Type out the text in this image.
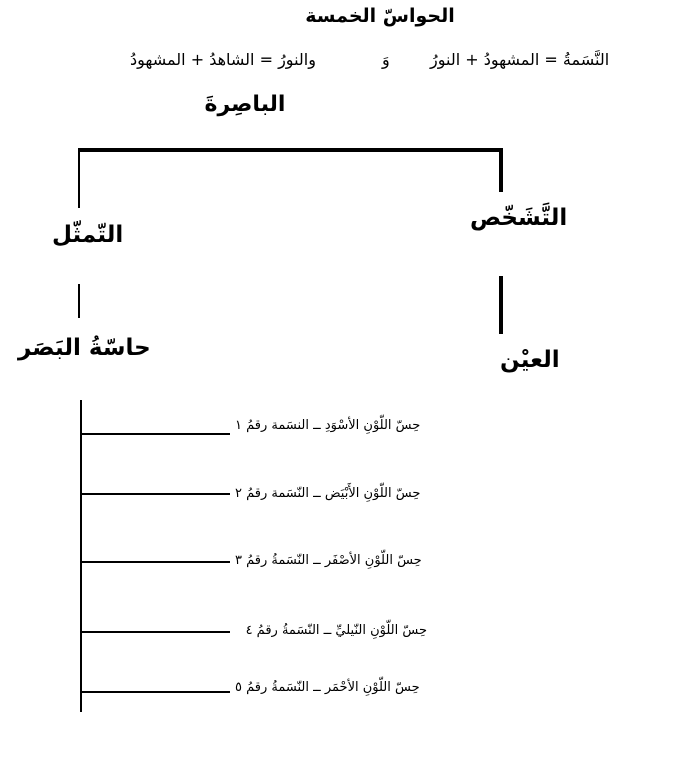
الحواسّ الخمسة
النَّسَمةُ = المشهودُ + النورُ
وَ
والنورُ = الشاهدُ + المشهودُ
الباصِرةَ
التَّشَخّص
التّمثّل
العيْن
حاسّةُ البَصَر
حِسّ اللّوْنِ الأسْوَدِ ــ النسَمة رقمُ ١
حِسّ اللّوْنِ الأَبْيَض ــ النّسَمة رقمُ ٢
حِسّ اللّوْنِ الأصْفَر ــ النّسَمةُ رقمُ ٣
حِسّ اللّوْنِ النّيليِّ ــ النّسَمةُ رقمُ ٤
حِسّ اللّوْنِ الأحْمَر ــ النّسَمةُ رقمُ ٥
